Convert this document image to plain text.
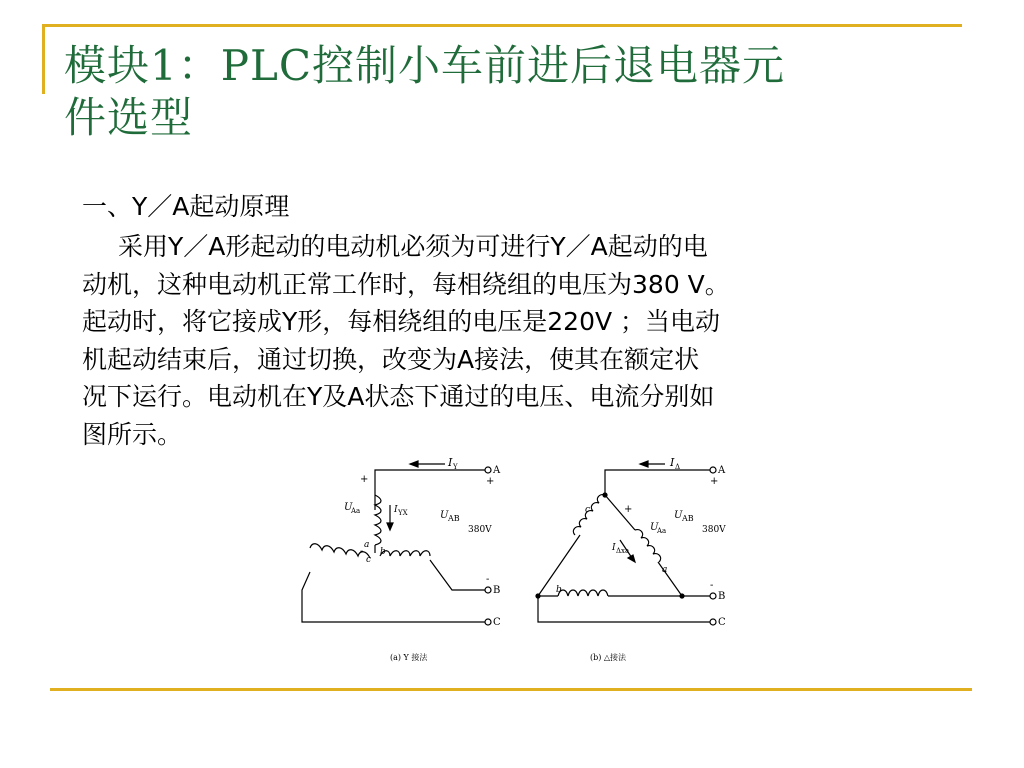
模块1：PLC控制小车前进后退电器元
件选型
一、Y／A起动原理
采用Y／A形起动的电动机必须为可进行Y／A起动的电
动机，这种电动机正常工作时，每相绕组的电压为380 V。
起动时，将它接成Y形，每相绕组的电压是220V ；当电动
机起动结束后，通过切换，改变为A接法，使其在额定状
况下运行。电动机在Y及A状态下通过的电压、电流分别如
图所示。
I Y	A
B
C
+	+
-
-
U
Aa	I YX	U AB
380V
a
b
c
(a) Y 接法
I Δ	A
B
C
+
+
-
U
Aa
U AB
380V
I Δxa
a
b
c
(b) △接法
